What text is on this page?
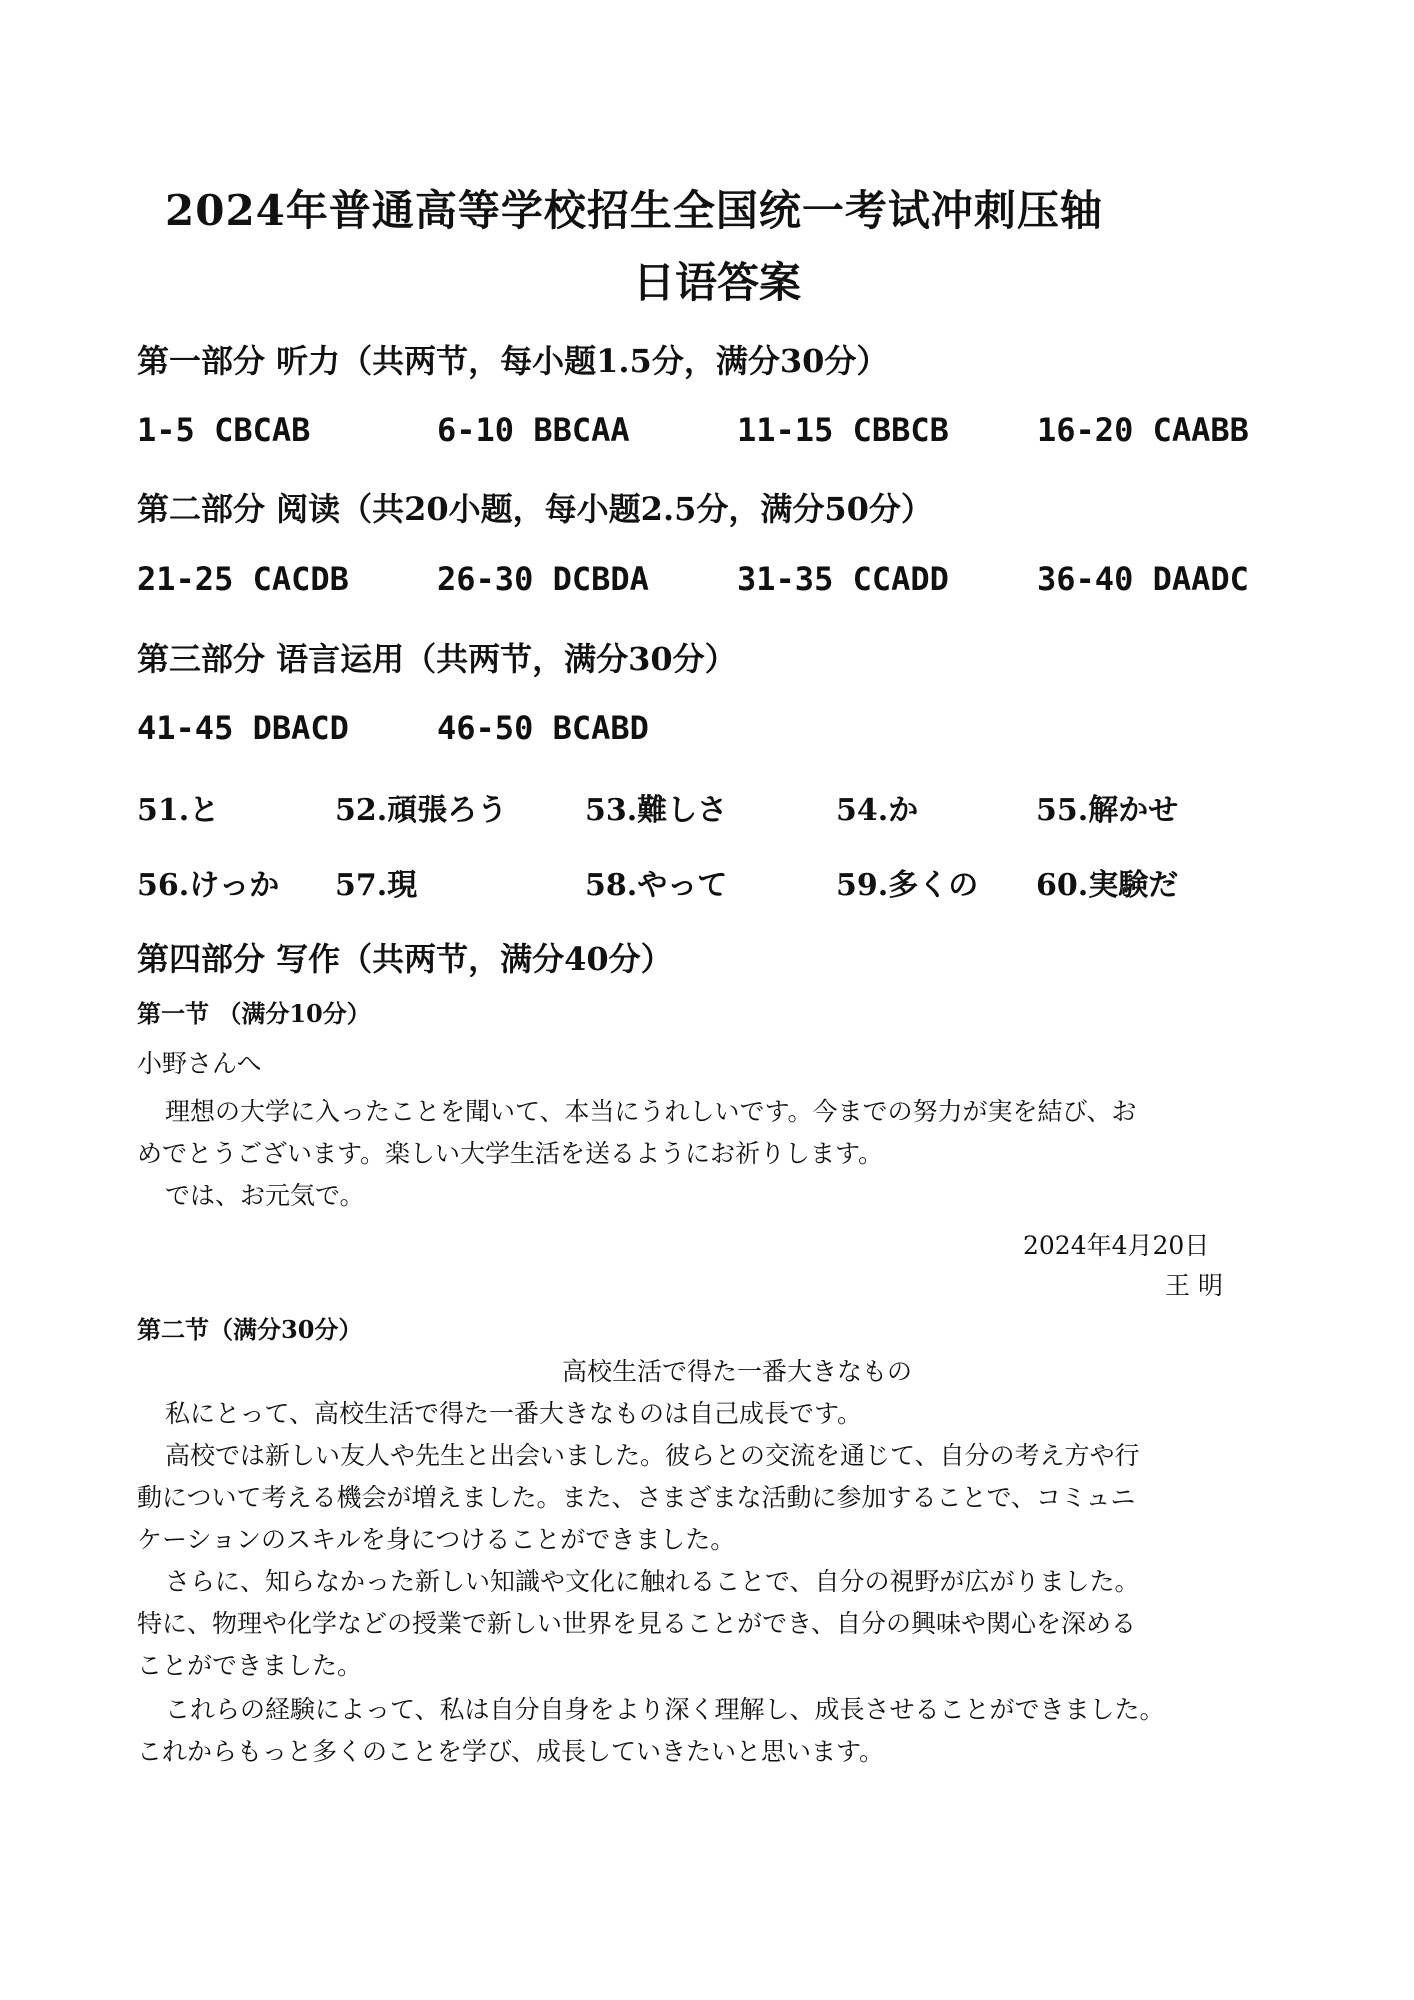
2024年普通高等学校招生全国统一考试冲刺压轴
日语答案
第一部分 听力（共两节，每小题1.5分，满分30分）
1-5 CBCAB	6-10 BBCAA	11-15 CBBCB	16-20 CAABB
第二部分 阅读（共20小题，每小题2.5分，满分50分）
21-25 CACDB	26-30 DCBDA	31-35 CCADD	36-40 DAADC
第三部分 语言运用（共两节，满分30分）
41-45 DBACD	46-50 BCABD
51.と	52.頑張ろう	53.難しさ	54.か	55.解かせ
56.けっか 57.現	58.やって	59.多くの 60.実験だ
第四部分 写作（共两节，满分40分）
第一节 （满分10分）
小野さんへ
理想の大学に入ったことを聞いて、本当にうれしいです。今までの努力が実を結び、お
めでとうございます。楽しい大学生活を送るようにお祈りします。
では、お元気で。
2024年4月20日
王 明
第二节（满分30分）
高校生活で得た一番大きなもの
私にとって、高校生活で得た一番大きなものは自己成長です。
高校では新しい友人や先生と出会いました。彼らとの交流を通じて、自分の考え方や行
動について考える機会が増えました。また、さまざまな活動に参加することで、コミュニ
ケーションのスキルを身につけることができました。
さらに、知らなかった新しい知識や文化に触れることで、自分の視野が広がりました。
特に、物理や化学などの授業で新しい世界を見ることができ、自分の興味や関心を深める
ことができました。
これらの経験によって、私は自分自身をより深く理解し、成長させることができました。
これからもっと多くのことを学び、成長していきたいと思います。
